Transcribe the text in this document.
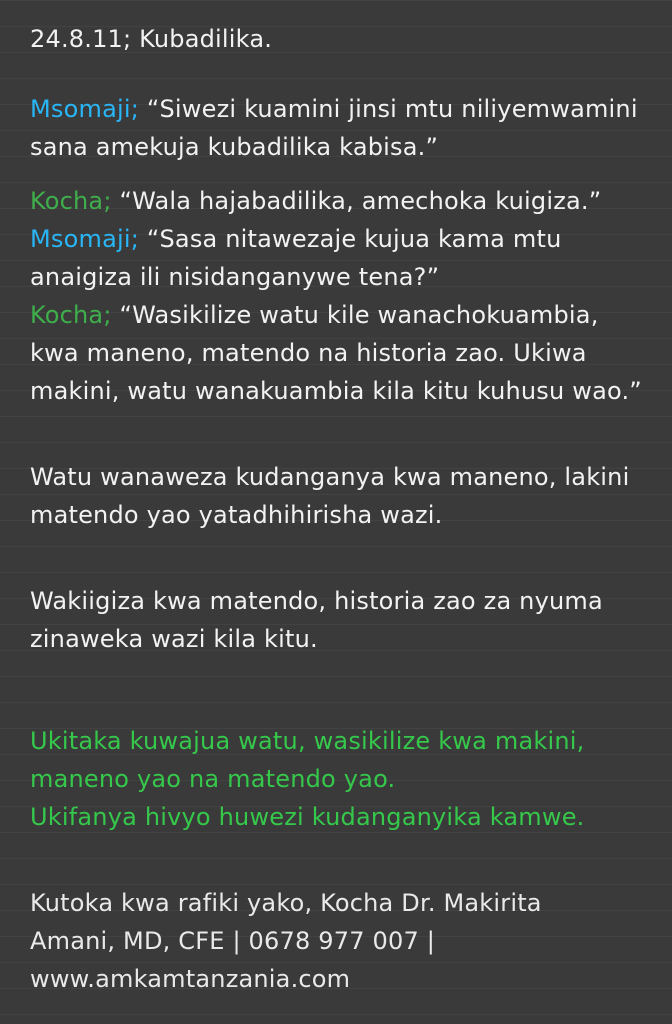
24.8.11; Kubadilika.
Msomaji; “Siwezi kuamini jinsi mtu niliyemwamini sana amekuja kubadilika kabisa.”
Kocha; “Wala hajabadilika, amechoka kuigiza.”
Msomaji; “Sasa nitawezaje kujua kama mtu anaigiza ili nisidanganywe tena?”
Kocha; “Wasikilize watu kile wanachokuambia, kwa maneno, matendo na historia zao. Ukiwa makini, watu wanakuambia kila kitu kuhusu wao.”
Watu wanaweza kudanganya kwa maneno, lakini matendo yao yatadhihirisha wazi.
Wakiigiza kwa matendo, historia zao za nyuma zinaweka wazi kila kitu.
Ukitaka kuwajua watu, wasikilize kwa makini, maneno yao na matendo yao.
Ukifanya hivyo huwezi kudanganyika kamwe.
Kutoka kwa rafiki yako, Kocha Dr. Makirita
Amani, MD, CFE | 0678 977 007 |
www.amkamtanzania.com
